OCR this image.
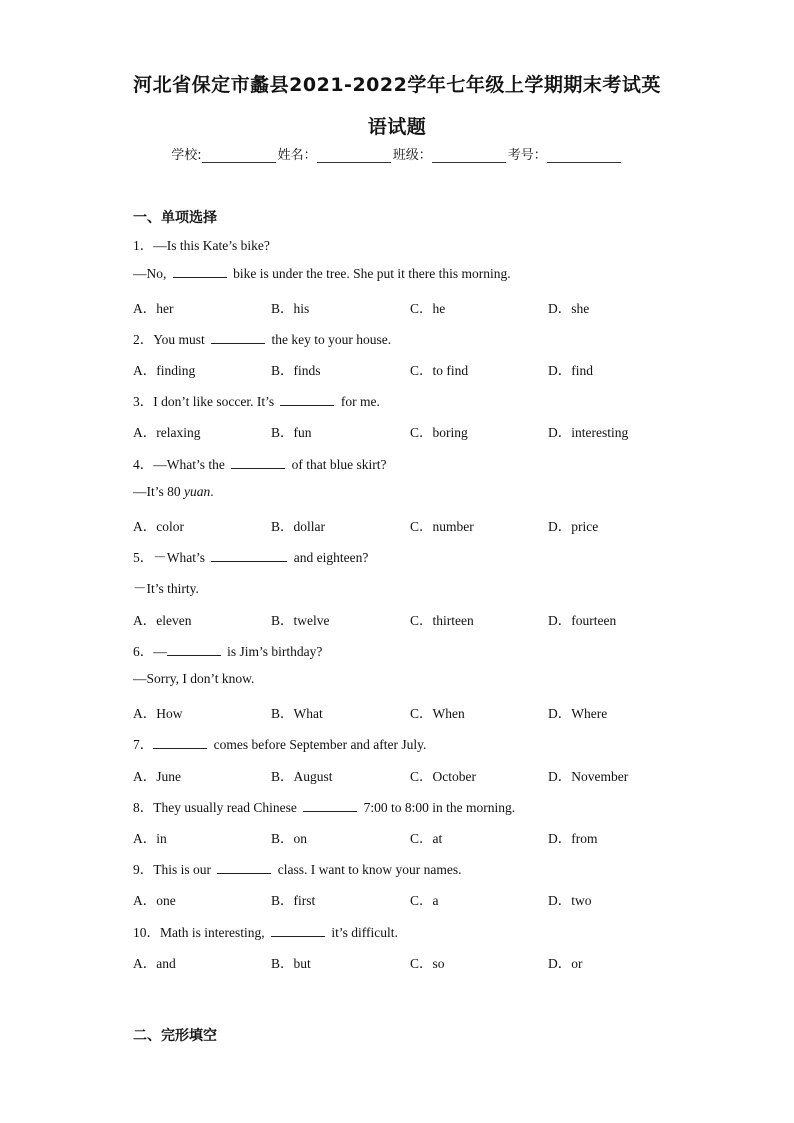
河北省保定市蠡县2021-2022学年七年级上学期期末考试英
语试题
学校:	姓名：	班级：	考号：
一、单项选择
1．—Is this Kate’s bike?
—No,	bike is under the tree. She put it there this morning.
A．her	B．his	C．he	D．she
2．You must	the key to your house.
A．finding	B．finds	C．to find	D．find
3．I don’t like soccer. It’s	for me.
A．relaxing	B．fun	C．boring	D．interesting
4．—What’s the	of that blue skirt?
—It’s 80 yuan.
A．color	B．dollar	C．number	D．price
5．－What’s	and eighteen?
－It’s thirty.
A．eleven	B．twelve	C．thirteen	D．fourteen
6．—	is Jim’s birthday?
—Sorry, I don’t know.
A．How	B．What	C．When	D．Where
7．	comes before September and after July.
A．June	B．August	C．October	D．November
8．They usually read Chinese	7:00 to 8:00 in the morning.
A．in	B．on	C．at	D．from
9．This is our	class. I want to know your names.
A．one	B．first	C．a	D．two
10．Math is interesting,	it’s difficult.
A．and	B．but	C．so	D．or
二、完形填空
